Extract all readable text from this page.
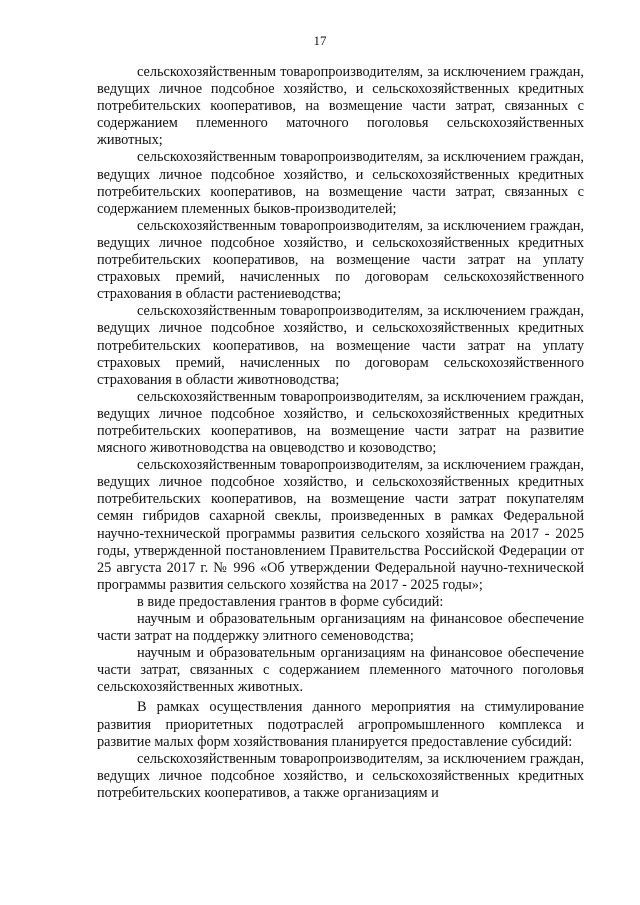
17

сельскохозяйственным товаропроизводителям, за исключением граждан, ведущих личное подсобное хозяйство, и сельскохозяйственных кредитных потребительских кооперативов, на возмещение части затрат, связанных с содержанием племенного маточного поголовья сельскохозяйственных животных;

сельскохозяйственным товаропроизводителям, за исключением граждан, ведущих личное подсобное хозяйство, и сельскохозяйственных кредитных потребительских кооперативов, на возмещение части затрат, связанных с содержанием племенных быков-производителей;

сельскохозяйственным товаропроизводителям, за исключением граждан, ведущих личное подсобное хозяйство, и сельскохозяйственных кредитных потребительских кооперативов, на возмещение части затрат на уплату страховых премий, начисленных по договорам сельскохозяйственного страхования в области растениеводства;

сельскохозяйственным товаропроизводителям, за исключением граждан, ведущих личное подсобное хозяйство, и сельскохозяйственных кредитных потребительских кооперативов, на возмещение части затрат на уплату страховых премий, начисленных по договорам сельскохозяйственного страхования в области животноводства;

сельскохозяйственным товаропроизводителям, за исключением граждан, ведущих личное подсобное хозяйство, и сельскохозяйственных кредитных потребительских кооперативов, на возмещение части затрат на развитие мясного животноводства на овцеводство и козоводство;

сельскохозяйственным товаропроизводителям, за исключением граждан, ведущих личное подсобное хозяйство, и сельскохозяйственных кредитных потребительских кооперативов, на возмещение части затрат покупателям семян гибридов сахарной свеклы, произведенных в рамках Федеральной научно-технической программы развития сельского хозяйства на 2017 - 2025 годы, утвержденной постановлением Правительства Российской Федерации от 25 августа 2017 г. № 996 «Об утверждении Федеральной научно-технической программы развития сельского хозяйства на 2017 - 2025 годы»;

в виде предоставления грантов в форме субсидий:

научным и образовательным организациям на финансовое обеспечение части затрат на поддержку элитного семеноводства;

научным и образовательным организациям на финансовое обеспечение части затрат, связанных с содержанием племенного маточного поголовья сельскохозяйственных животных.

В рамках осуществления данного мероприятия на стимулирование развития приоритетных подотраслей агропромышленного комплекса и развитие малых форм хозяйствования планируется предоставление субсидий:

сельскохозяйственным товаропроизводителям, за исключением граждан, ведущих личное подсобное хозяйство, и сельскохозяйственных кредитных потребительских кооперативов, а также организациям и
